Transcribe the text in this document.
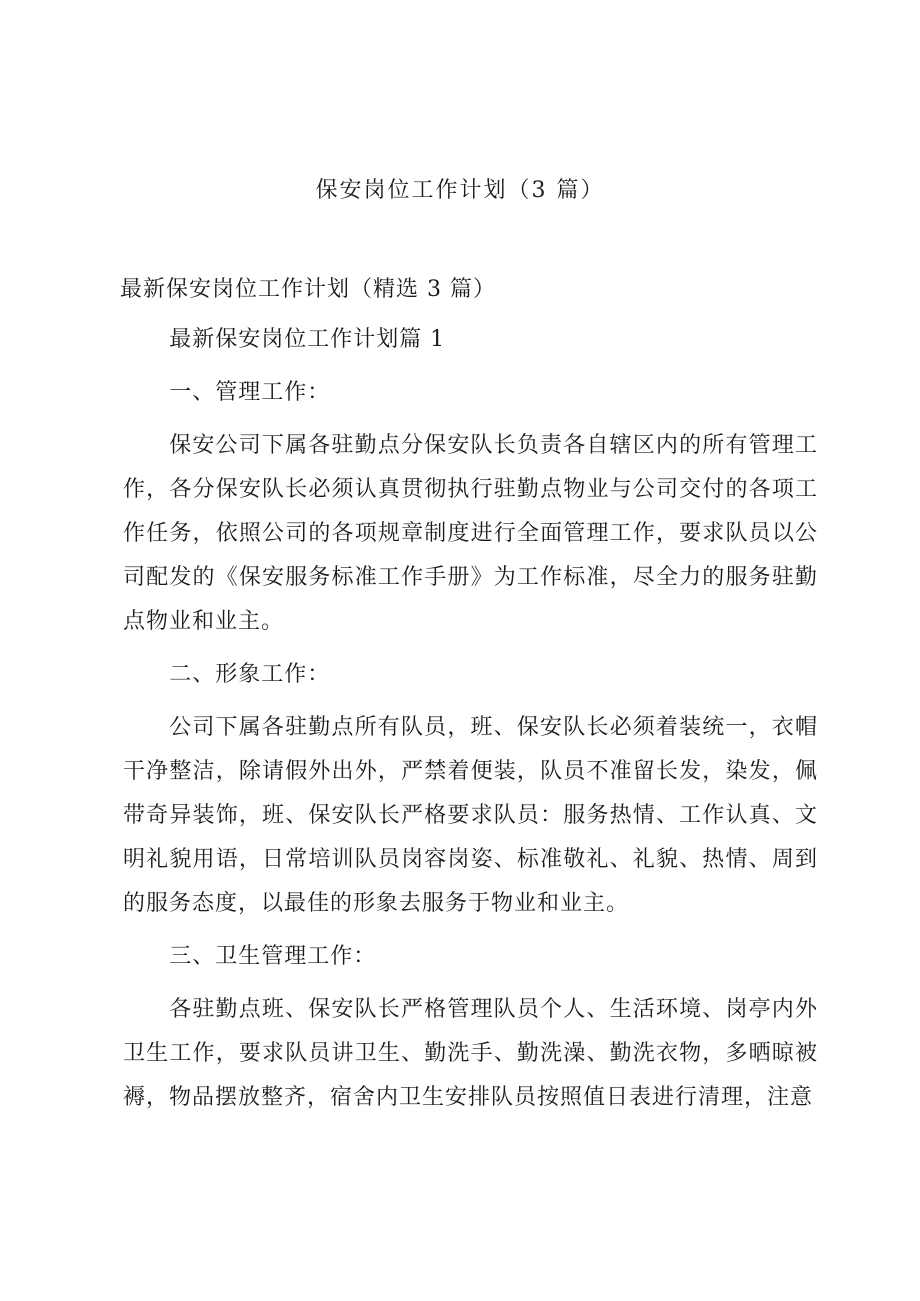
保安岗位工作计划（3 篇）
最新保安岗位工作计划（精选 3 篇）

最新保安岗位工作计划篇 1

一、管理工作：

保安公司下属各驻勤点分保安队长负责各自辖区内的所有管理工作，各分保安队长必须认真贯彻执行驻勤点物业与公司交付的各项工作任务，依照公司的各项规章制度进行全面管理工作，要求队员以公司配发的《保安服务标准工作手册》为工作标准，尽全力的服务驻勤点物业和业主。

二、形象工作：

公司下属各驻勤点所有队员，班、保安队长必须着装统一，衣帽干净整洁，除请假外出外，严禁着便装，队员不准留长发，染发，佩带奇异装饰，班、保安队长严格要求队员：服务热情、工作认真、文明礼貌用语，日常培训队员岗容岗姿、标准敬礼、礼貌、热情、周到的服务态度，以最佳的形象去服务于物业和业主。

三、卫生管理工作：

各驻勤点班、保安队长严格管理队员个人、生活环境、岗亭内外卫生工作，要求队员讲卫生、勤洗手、勤洗澡、勤洗衣物，多晒晾被褥，物品摆放整齐，宿舍内卫生安排队员按照值日表进行清理，注意
